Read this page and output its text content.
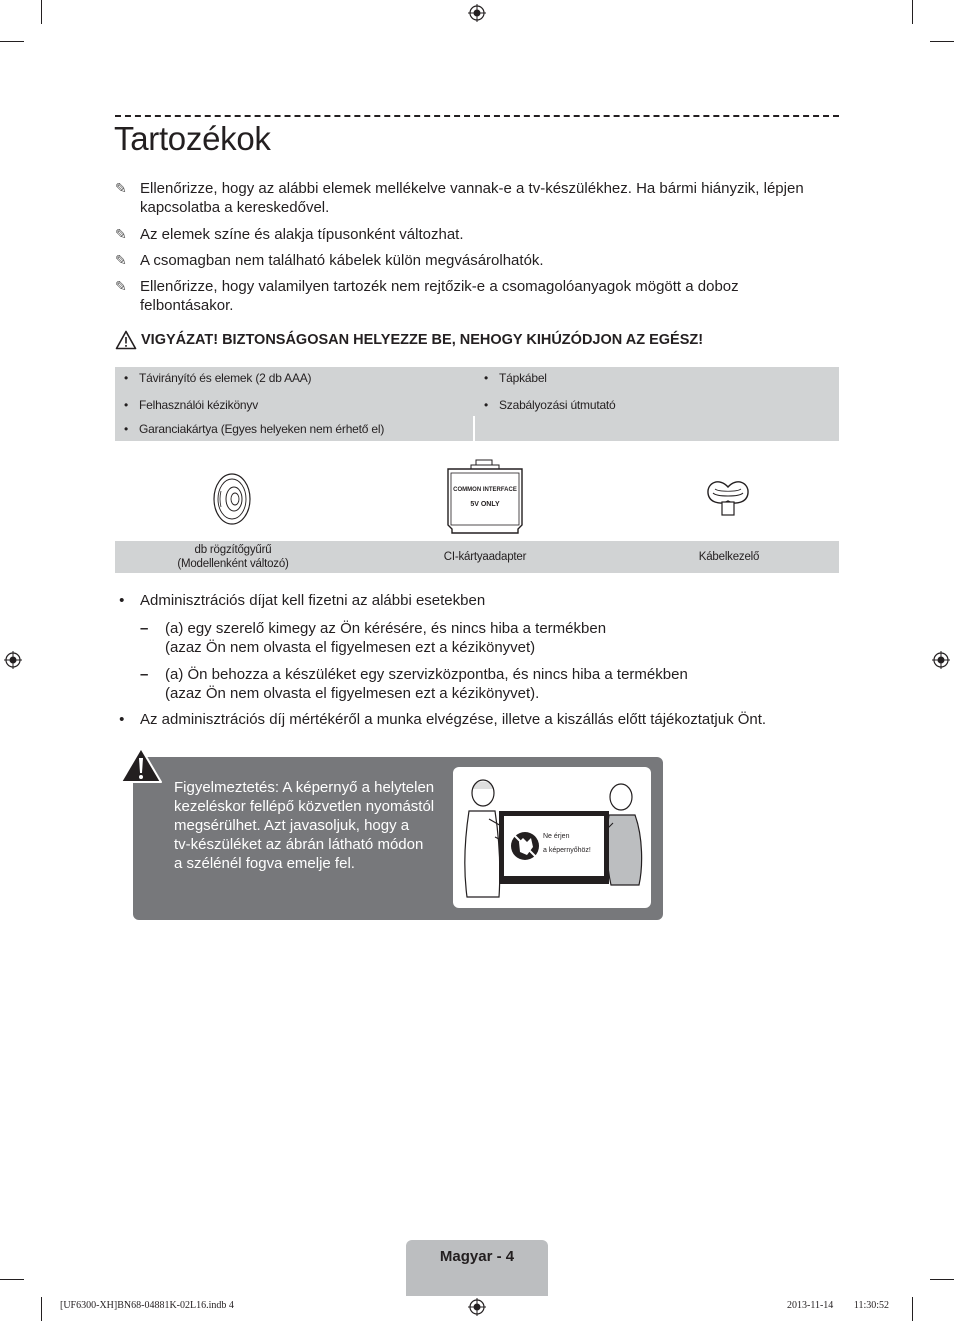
Tartozékok
✎ Ellenőrizze, hogy az alábbi elemek mellékelve vannak-e a tv-készülékhez. Ha bármi hiányzik, lépjen
kapcsolatba a kereskedővel.
✎ Az elemek színe és alakja típusonként változhat.
✎ A csomagban nem található kábelek külön megvásárolhatók.
✎ Ellenőrizze, hogy valamilyen tartozék nem rejtőzik-e a csomagolóanyagok mögött a doboz
felbontásakor.
VIGYÁZAT! BIZTONSÁGOSAN HELYEZZE BE, NEHOGY KIHÚZÓDJON AZ EGÉSZ!
• Távirányító és elemek (2 db AAA)	• Tápkábel
• Felhasználói kézikönyv	• Szabályozási útmutató
• Garanciakártya (Egyes helyeken nem érhető el)
COMMON INTERFACE
5V ONLY
db rögzítőgyűrű
(Modellenként változó)
CI-kártyaadapter	Kábelkezelő
•	Adminisztrációs díjat kell fizetni az alábbi esetekben
–	(a) egy szerelő kimegy az Ön kérésére, és nincs hiba a termékben
(azaz Ön nem olvasta el figyelmesen ezt a kézikönyvet)
–	(a) Ön behozza a készüléket egy szervizközpontba, és nincs hiba a termékben
(azaz Ön nem olvasta el figyelmesen ezt a kézikönyvet).
•	Az adminisztrációs díj mértékéről a munka elvégzése, illetve a kiszállás előtt tájékoztatjuk Önt.
Figyelmeztetés: A képernyő a helytelen
kezeléskor fellépő közvetlen nyomástól
megsérülhet. Azt javasoljuk, hogy a
tv-készüléket az ábrán látható módon
a szélénél fogva emelje fel.
Ne érjen
a képernyőhöz!
Magyar - 4
[UF6300-XH]BN68-04881K-02L16.indb 4	2013-11-14 ￿￿ 11:30:52
